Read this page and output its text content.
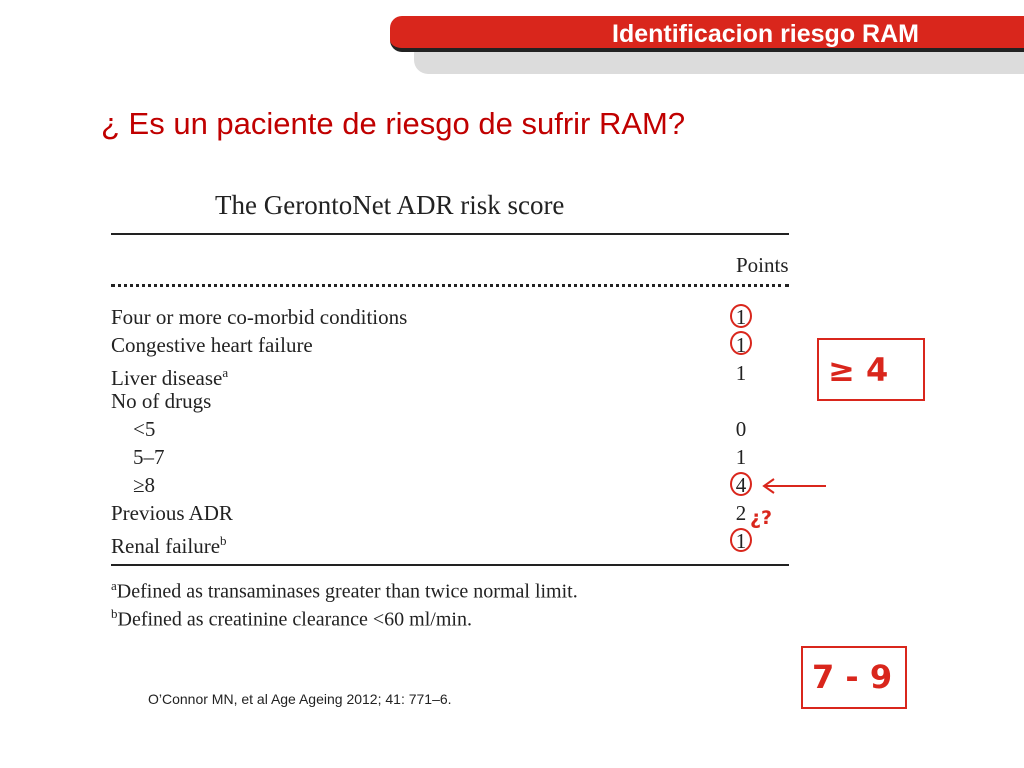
Identificacion riesgo RAM
¿ Es un paciente de riesgo de sufrir RAM?
The GerontoNet ADR risk score
Points
Four or more co-morbid conditions	1
Congestive heart failure	1
Liver disease$^a$	1
No of drugs
<5	0
5–7	1
≥8	4
Previous ADR	2
Renal failure$^b$	1
$^a$Defined as transaminases greater than twice normal limit.
$^b$Defined as creatinine clearance <60 ml/min.
≥ 4
¿?
7 - 9
O’Connor MN, et al Age Ageing 2012; 41: 771–6.
